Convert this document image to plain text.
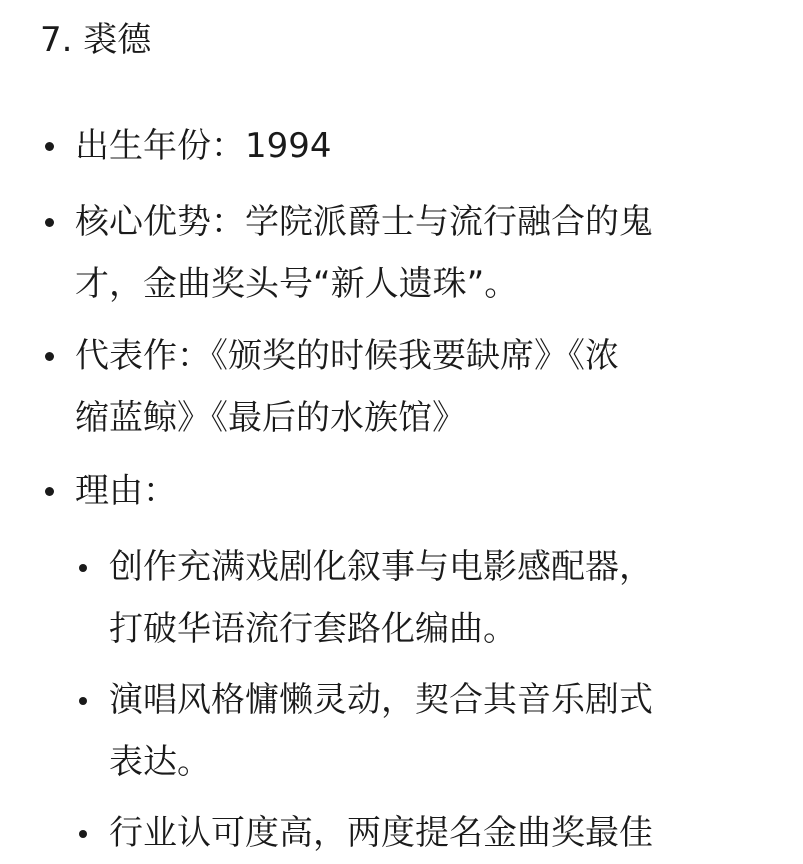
7. 裘德

出生年份：1994

核心优势：学院派爵士与流行融合的鬼
才，金曲奖头号“新人遗珠”。

代表作：《颁奖的时候我要缺席》《浓
缩蓝鲸》《最后的水族馆》

理由：

创作充满戏剧化叙事与电影感配器，
打破华语流行套路化编曲。

演唱风格慵懒灵动，契合其音乐剧式
表达。

行业认可度高，两度提名金曲奖最佳
